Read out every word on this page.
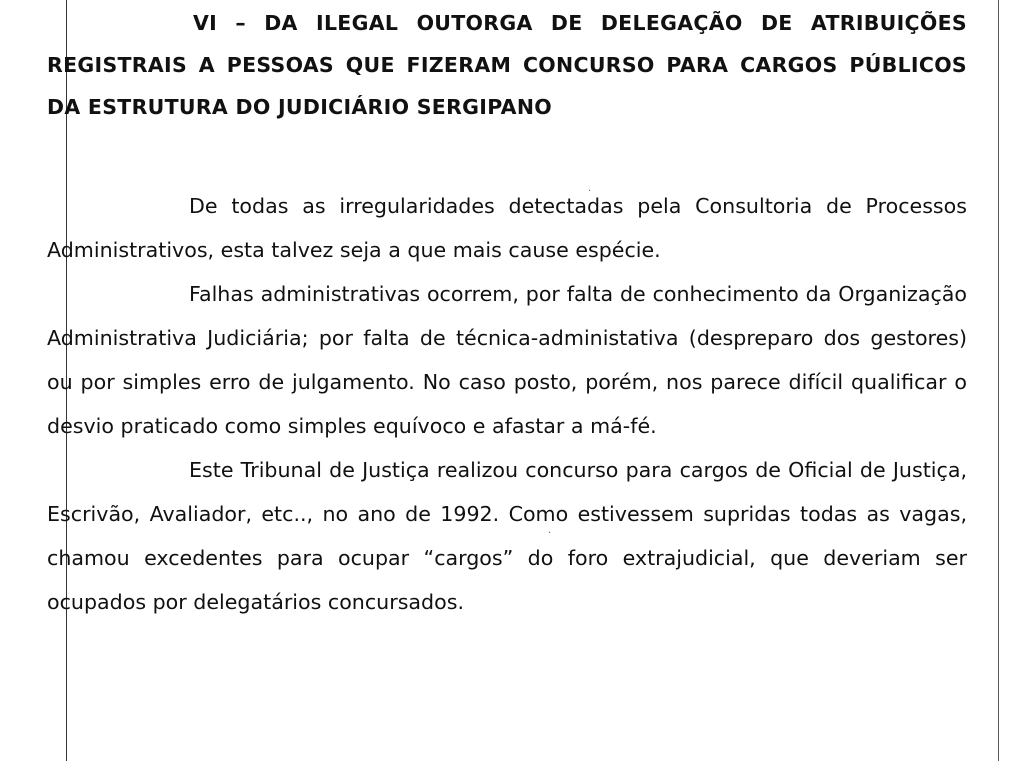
·
·

VI – DA ILEGAL OUTORGA DE DELEGAÇÃO DE ATRIBUIÇÕES REGISTRAIS A PESSOAS QUE FIZERAM CONCURSO PARA CARGOS PÚBLICOS DA ESTRUTURA DO JUDICIÁRIO SERGIPANO

De todas as irregularidades detectadas pela Consultoria de Processos Administrativos, esta talvez seja a que mais cause espécie.

Falhas administrativas ocorrem, por falta de conhecimento da Organização Administrativa Judiciária; por falta de técnica-administativa (despreparo dos gestores) ou por simples erro de julgamento. No caso posto, porém, nos parece difícil qualificar o desvio praticado como simples equívoco e afastar a má-fé.

Este Tribunal de Justiça realizou concurso para cargos de Oficial de Justiça, Escrivão, Avaliador, etc.., no ano de 1992. Como estivessem supridas todas as vagas, chamou excedentes para ocupar “cargos” do foro extrajudicial, que deveriam ser ocupados por delegatários concursados.
